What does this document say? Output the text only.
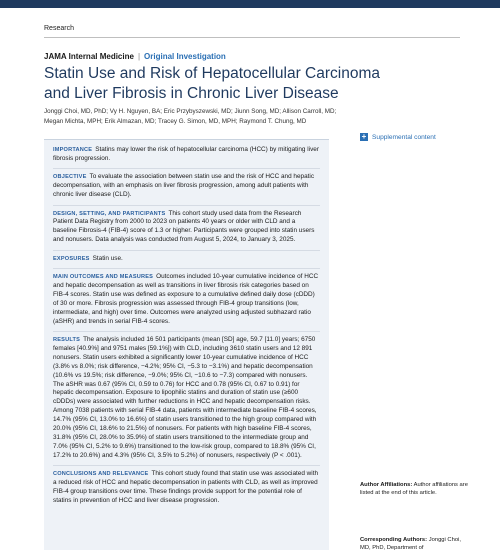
Research
JAMA Internal Medicine | Original Investigation
Statin Use and Risk of Hepatocellular Carcinoma and Liver Fibrosis in Chronic Liver Disease
Jonggi Choi, MD, PhD; Vy H. Nguyen, BA; Eric Przybyszewski, MD; Jiunn Song, MD; Allison Carroll, MD; Megan Michta, MPH; Erik Almazan, MD; Tracey G. Simon, MD, MPH; Raymond T. Chung, MD
+ Supplemental content

IMPORTANCE Statins may lower the risk of hepatocellular carcinoma (HCC) by mitigating liver fibrosis progression.

OBJECTIVE To evaluate the association between statin use and the risk of HCC and hepatic decompensation, with an emphasis on liver fibrosis progression, among adult patients with chronic liver disease (CLD).

DESIGN, SETTING, AND PARTICIPANTS This cohort study used data from the Research Patient Data Registry from 2000 to 2023 on patients 40 years or older with CLD and a baseline Fibrosis-4 (FIB-4) score of 1.3 or higher. Participants were grouped into statin users and nonusers. Data analysis was conducted from August 5, 2024, to January 3, 2025.

EXPOSURES Statin use.

MAIN OUTCOMES AND MEASURES Outcomes included 10-year cumulative incidence of HCC and hepatic decompensation as well as transitions in liver fibrosis risk categories based on FIB-4 scores. Statin use was defined as exposure to a cumulative defined daily dose (cDDD) of 30 or more. Fibrosis progression was assessed through FIB-4 group transitions (low, intermediate, and high) over time. Outcomes were analyzed using adjusted subhazard ratio (aSHR) and trends in serial FIB-4 scores.

RESULTS The analysis included 16 501 participants (mean [SD] age, 59.7 [11.0] years; 6750 females [40.9%] and 9751 males [59.1%]) with CLD, including 3610 statin users and 12 891 nonusers. Statin users exhibited a significantly lower 10-year cumulative incidence of HCC (3.8% vs 8.0%; risk difference, −4.2%; 95% CI, −5.3 to −3.1%) and hepatic decompensation (10.6% vs 19.5%; risk difference, −9.0%; 95% CI, −10.6 to −7.3) compared with nonusers. The aSHR was 0.67 (95% CI, 0.59 to 0.76) for HCC and 0.78 (95% CI, 0.67 to 0.91) for hepatic decompensation. Exposure to lipophilic statins and duration of statin use (≥600 cDDDs) were associated with further reductions in HCC and hepatic decompensation risks. Among 7038 patients with serial FIB-4 data, patients with intermediate baseline FIB-4 scores, 14.7% (95% CI, 13.0% to 16.6%) of statin users transitioned to the high group compared with 20.0% (95% CI, 18.6% to 21.5%) of nonusers. For patients with high baseline FIB-4 scores, 31.8% (95% CI, 28.0% to 35.9%) of statin users transitioned to the intermediate group and 7.0% (95% CI, 5.2% to 9.6%) transitioned to the low-risk group, compared to 18.8% (95% CI, 17.2% to 20.6%) and 4.3% (95% CI, 3.5% to 5.2%) of nonusers, respectively (P < .001).

CONCLUSIONS AND RELEVANCE This cohort study found that statin use was associated with a reduced risk of HCC and hepatic decompensation in patients with CLD, as well as improved FIB-4 group transitions over time. These findings provide support for the potential role of statins in prevention of HCC and liver disease progression.

Author Affiliations: Author affiliations are listed at the end of this article.
Corresponding Authors: Jonggi Choi, MD, PhD, Department of
